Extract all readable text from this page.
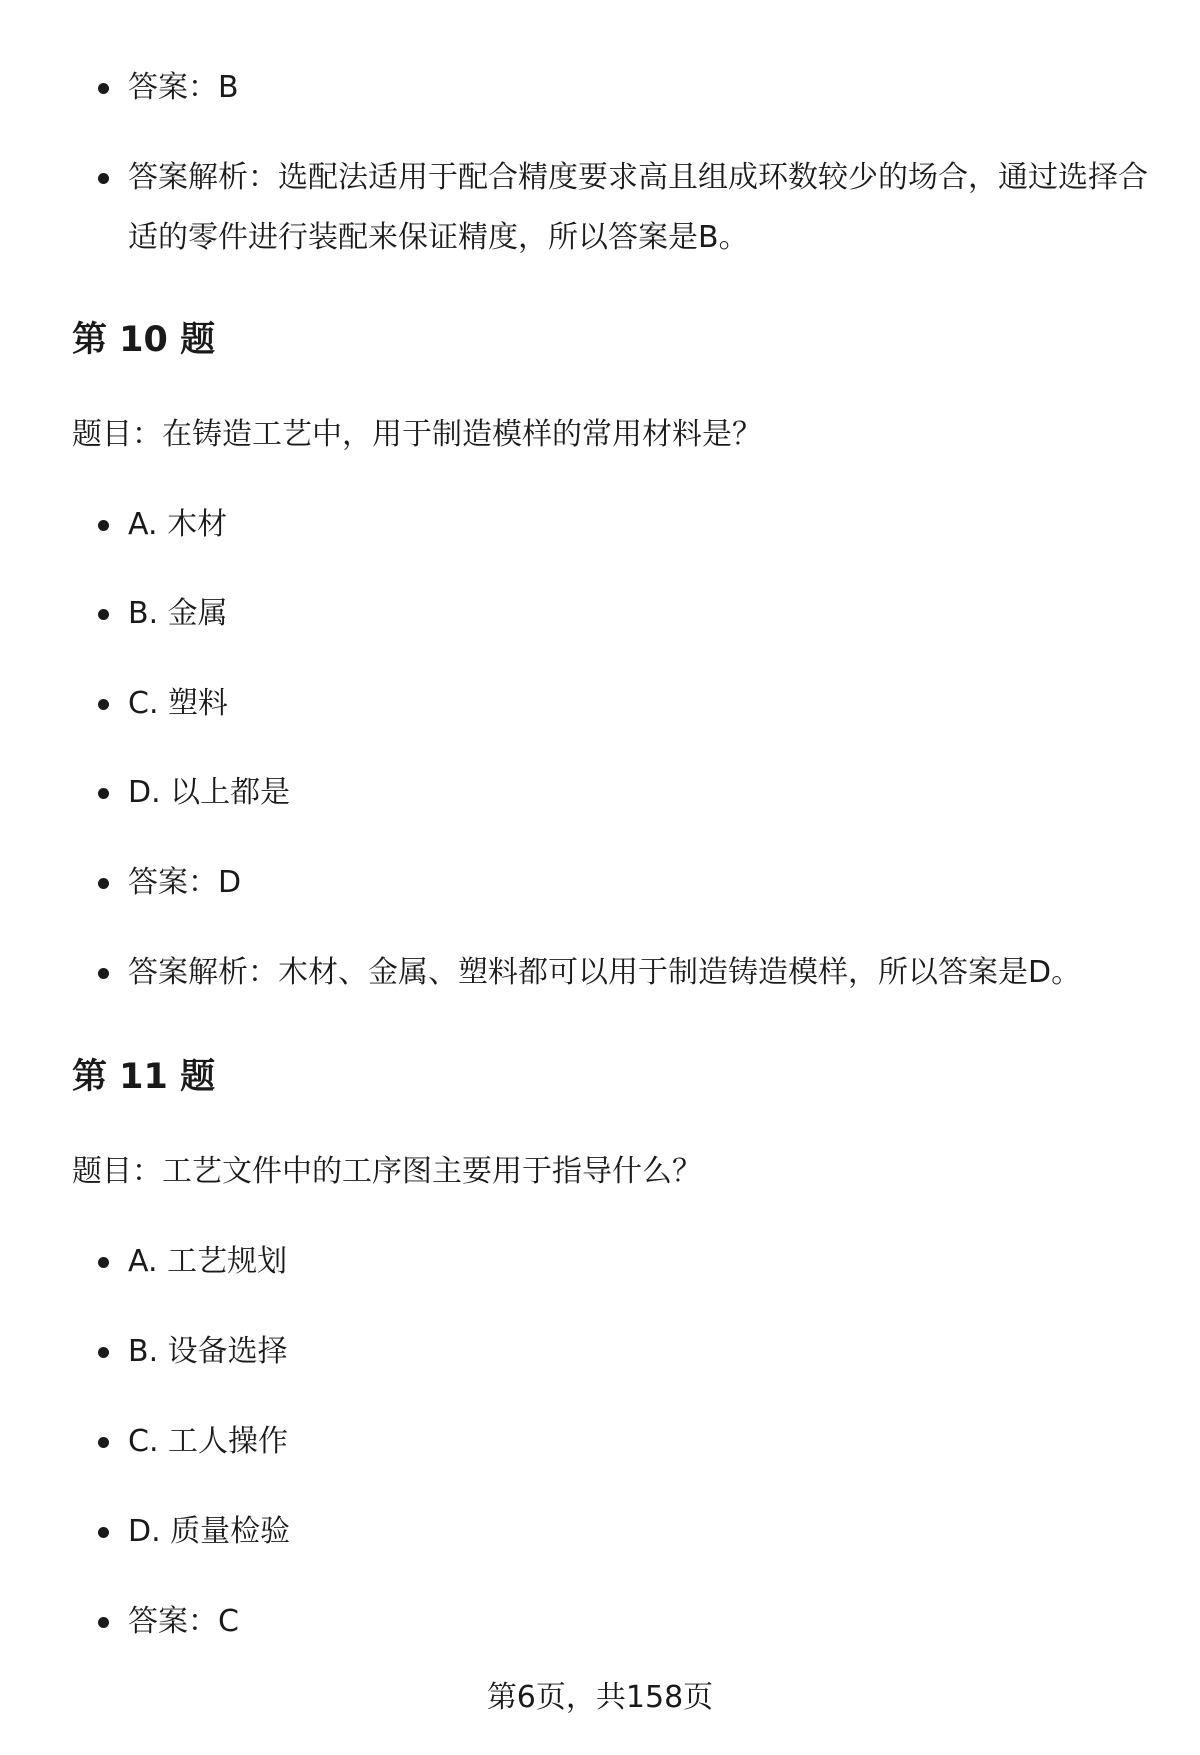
答案：B
答案解析：选配法适用于配合精度要求高且组成环数较少的场合，通过选择合适的零件进行装配来保证精度，所以答案是B。
第 10 题
题目：在铸造工艺中，用于制造模样的常用材料是？
A. 木材
B. 金属
C. 塑料
D. 以上都是
答案：D
答案解析：木材、金属、塑料都可以用于制造铸造模样，所以答案是D。
第 11 题
题目：工艺文件中的工序图主要用于指导什么？
A. 工艺规划
B. 设备选择
C. 工人操作
D. 质量检验
答案：C
第6页，共158页
